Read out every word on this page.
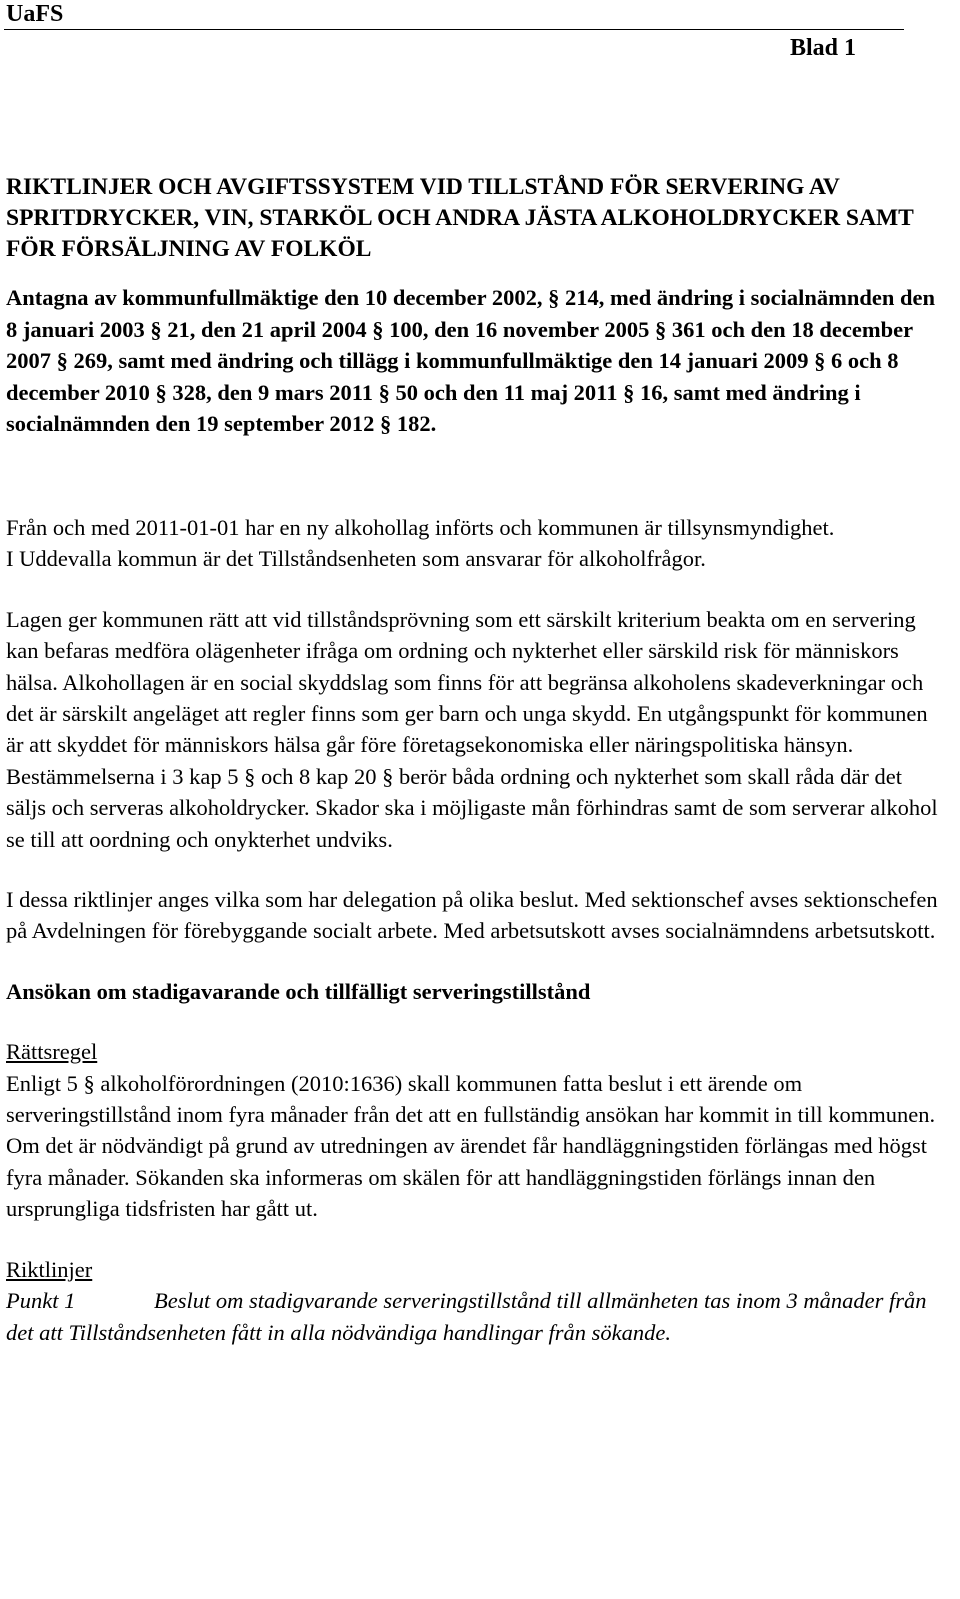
UaFS
Blad 1
RIKTLINJER OCH AVGIFTSSYSTEM VID TILLSTÅND FÖR SERVERING AV SPRITDRYCKER, VIN, STARKÖL OCH ANDRA JÄSTA ALKOHOLDRYCKER SAMT FÖR FÖRSÄLJNING AV FOLKÖL

Antagna av kommunfullmäktige den 10 december 2002, § 214, med ändring i socialnämnden den 8 januari 2003 § 21, den 21 april 2004 § 100, den 16 november 2005 § 361 och den 18 december 2007 § 269, samt med ändring och tillägg i kommunfullmäktige den 14 januari 2009 § 6 och 8 december 2010 § 328, den 9 mars 2011 § 50 och den 11 maj 2011 § 16, samt med ändring i socialnämnden den 19 september 2012 § 182.

Från och med 2011-01-01 har en ny alkohollag införts och kommunen är tillsynsmyndighet.

I Uddevalla kommun är det Tillståndsenheten som ansvarar för alkoholfrågor.

Lagen ger kommunen rätt att vid tillståndsprövning som ett särskilt kriterium beakta om en servering kan befaras medföra olägenheter ifråga om ordning och nykterhet eller särskild risk för människors hälsa. Alkohollagen är en social skyddslag som finns för att begränsa alkoholens skadeverkningar och det är särskilt angeläget att regler finns som ger barn och unga skydd. En utgångspunkt för kommunen är att skyddet för människors hälsa går före företagsekonomiska eller näringspolitiska hänsyn. Bestämmelserna i 3 kap 5 § och 8 kap 20 § berör båda ordning och nykterhet som skall råda där det säljs och serveras alkoholdrycker. Skador ska i möjligaste mån förhindras samt de som serverar alkohol se till att oordning och onykterhet undviks.

I dessa riktlinjer anges vilka som har delegation på olika beslut. Med sektionschef avses sektionschefen på Avdelningen för förebyggande socialt arbete. Med arbetsutskott avses socialnämndens arbetsutskott.

Ansökan om stadigavarande och tillfälligt serveringstillstånd

Rättsregel

Enligt 5 § alkoholförordningen (2010:1636) skall kommunen fatta beslut i ett ärende om serveringstillstånd inom fyra månader från det att en fullständig ansökan har kommit in till kommunen. Om det är nödvändigt på grund av utredningen av ärendet får handläggningstiden förlängas med högst fyra månader. Sökanden ska informeras om skälen för att handläggningstiden förlängs innan den ursprungliga tidsfristen har gått ut.

Riktlinjer

Punkt 1	Beslut om stadigvarande serveringstillstånd till allmänheten tas inom 3 månader från det att Tillståndsenheten fått in alla nödvändiga handlingar från sökande.
